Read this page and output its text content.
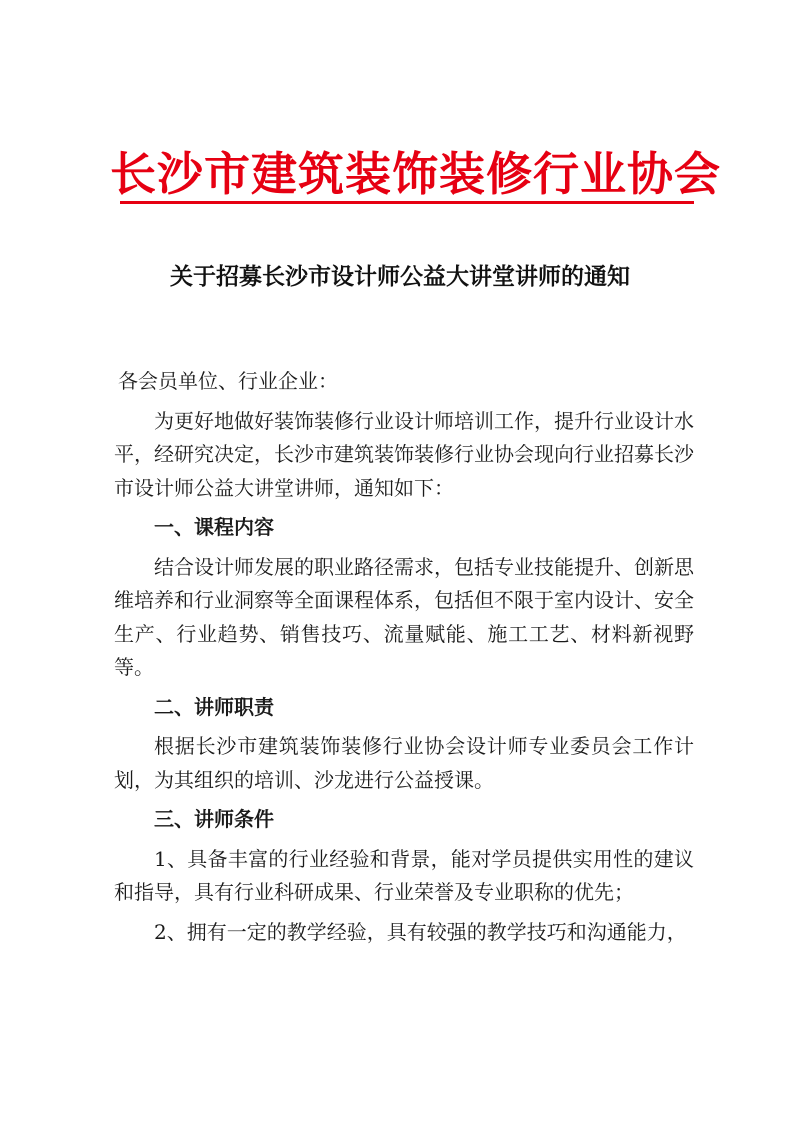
长沙市建筑装饰装修行业协会
关于招募长沙市设计师公益大讲堂讲师的通知

各会员单位、行业企业：

为更好地做好装饰装修行业设计师培训工作，提升行业设计水平，经研究决定，长沙市建筑装饰装修行业协会现向行业招募长沙市设计师公益大讲堂讲师，通知如下：

一、课程内容

结合设计师发展的职业路径需求，包括专业技能提升、创新思维培养和行业洞察等全面课程体系，包括但不限于室内设计、安全生产、行业趋势、销售技巧、流量赋能、施工工艺、材料新视野等。

二、讲师职责

根据长沙市建筑装饰装修行业协会设计师专业委员会工作计划，为其组织的培训、沙龙进行公益授课。

三、讲师条件

1、具备丰富的行业经验和背景，能对学员提供实用性的建议和指导，具有行业科研成果、行业荣誉及专业职称的优先；

2、拥有一定的教学经验，具有较强的教学技巧和沟通能力，
